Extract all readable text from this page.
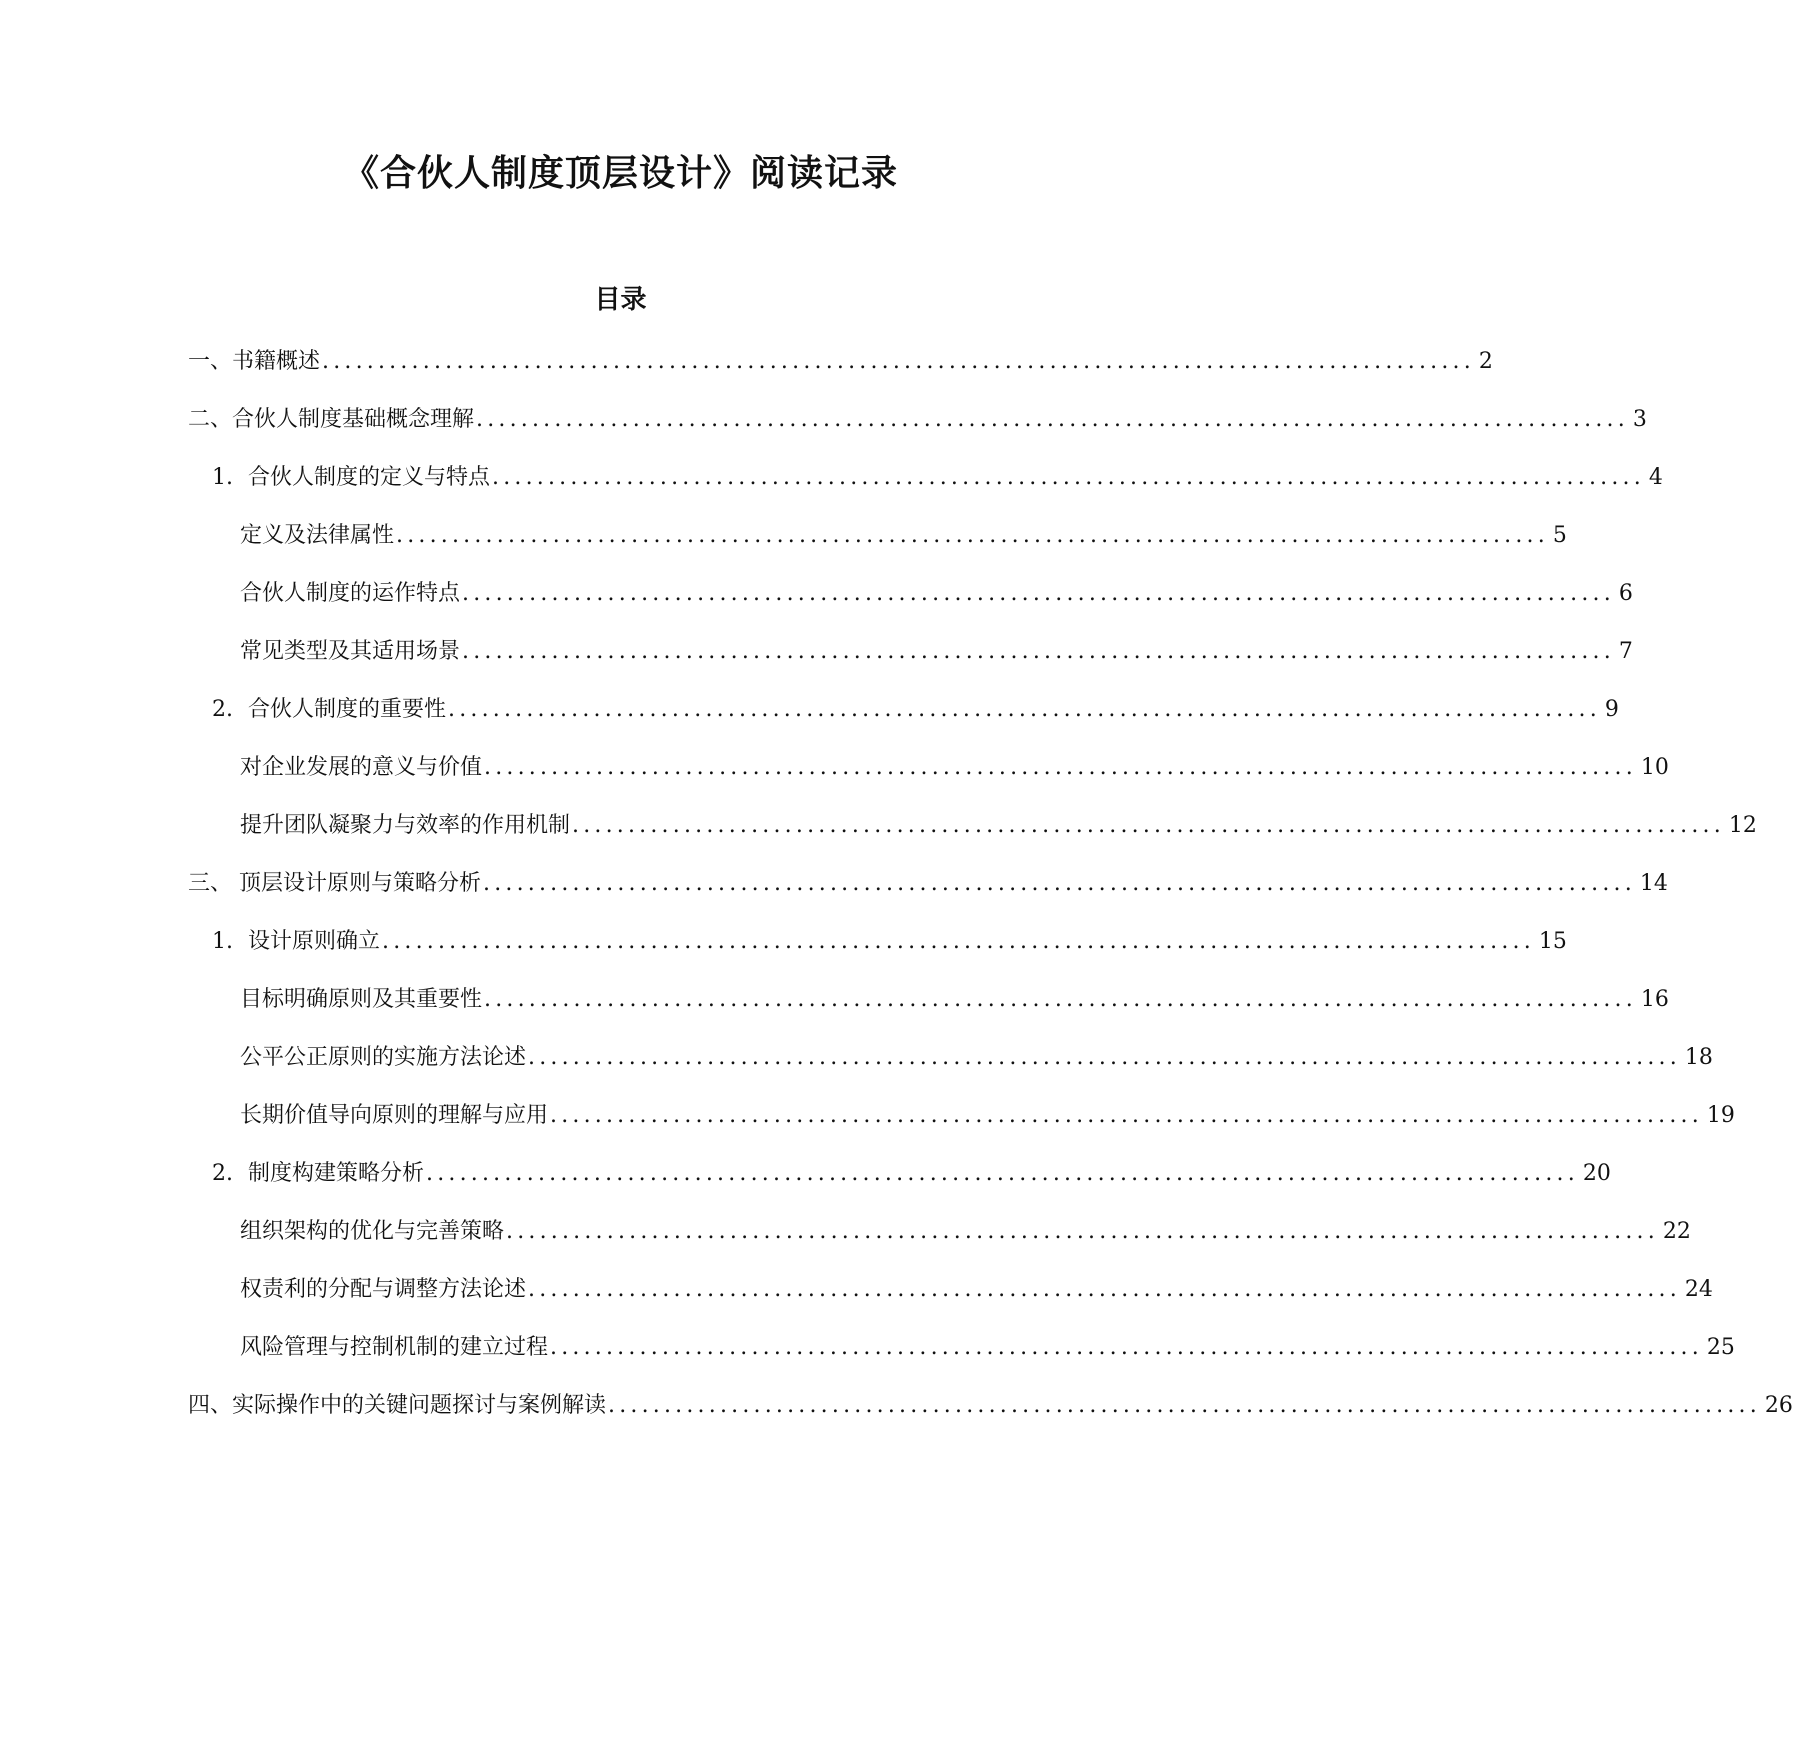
《合伙人制度顶层设计》阅读记录
目录
一、书籍概述 ....................................................................................................... 2
二、合伙人制度基础概念理解 ....................................................................................................... 3
1. 合伙人制度的定义与特点 ....................................................................................................... 4
定义及法律属性 ....................................................................................................... 5
合伙人制度的运作特点 ....................................................................................................... 6
常见类型及其适用场景 ....................................................................................................... 7
2. 合伙人制度的重要性 ....................................................................................................... 9
对企业发展的意义与价值 ....................................................................................................... 10
提升团队凝聚力与效率的作用机制 ....................................................................................................... 12
三、 顶层设计原则与策略分析 ....................................................................................................... 14
1. 设计原则确立 ....................................................................................................... 15
目标明确原则及其重要性 ....................................................................................................... 16
公平公正原则的实施方法论述 ....................................................................................................... 18
长期价值导向原则的理解与应用 ....................................................................................................... 19
2. 制度构建策略分析 ....................................................................................................... 20
组织架构的优化与完善策略 ....................................................................................................... 22
权责利的分配与调整方法论述 ....................................................................................................... 24
风险管理与控制机制的建立过程 ....................................................................................................... 25
四、实际操作中的关键问题探讨与案例解读 ....................................................................................................... 26
